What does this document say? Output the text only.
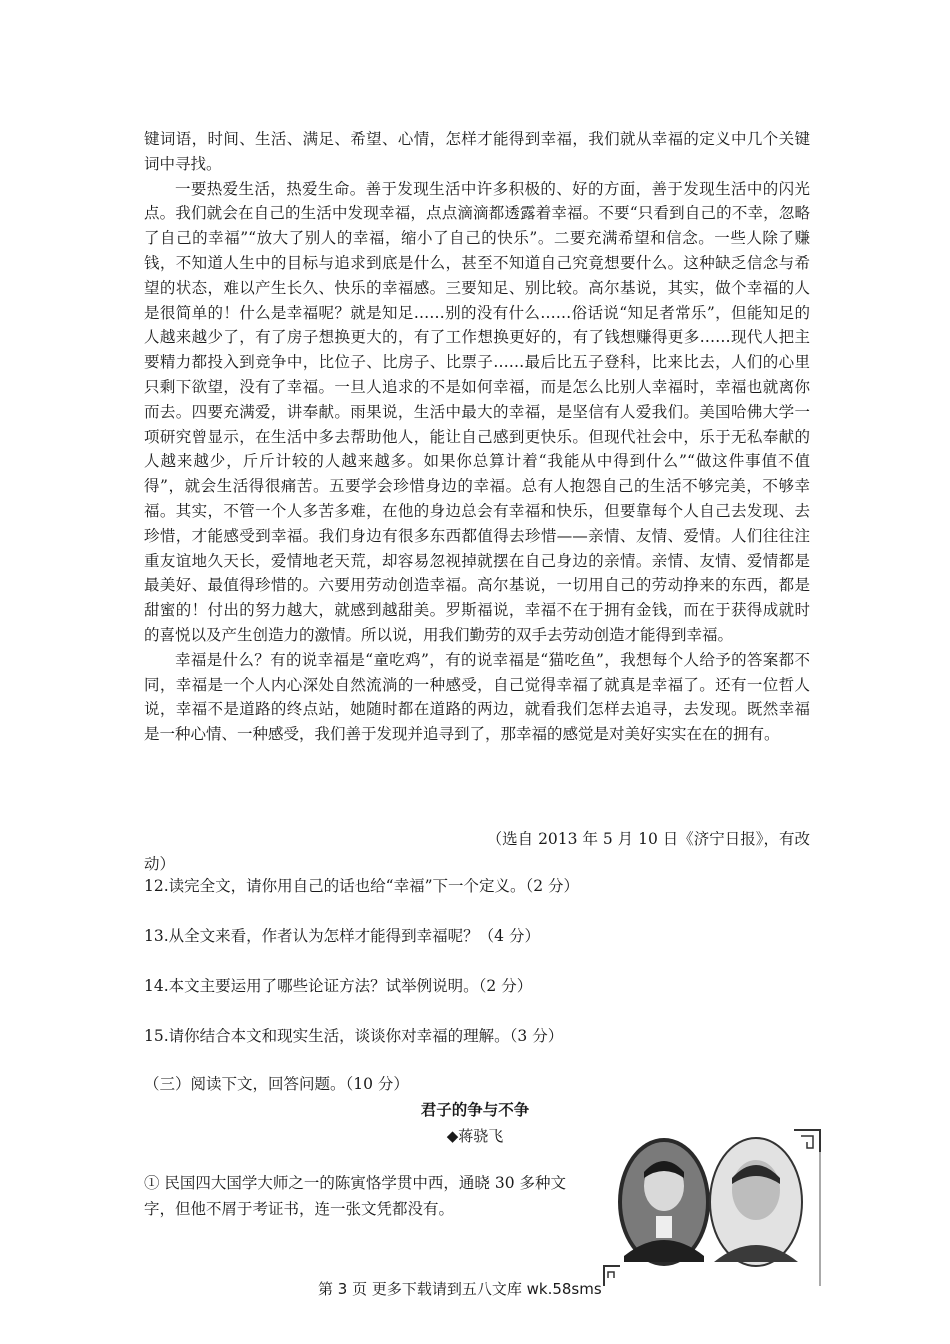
键词语，时间、生活、满足、希望、心情，怎样才能得到幸福，我们就从幸福的定义中几个关键词中寻找。

一要热爱生活，热爱生命。善于发现生活中许多积极的、好的方面，善于发现生活中的闪光点。我们就会在自己的生活中发现幸福，点点滴滴都透露着幸福。不要“只看到自己的不幸，忽略了自己的幸福”“放大了别人的幸福，缩小了自己的快乐”。二要充满希望和信念。一些人除了赚钱，不知道人生中的目标与追求到底是什么，甚至不知道自己究竟想要什么。这种缺乏信念与希望的状态，难以产生长久、快乐的幸福感。三要知足、别比较。高尔基说，其实，做个幸福的人是很简单的！什么是幸福呢？就是知足……别的没有什么……俗话说“知足者常乐”，但能知足的人越来越少了，有了房子想换更大的，有了工作想换更好的，有了钱想赚得更多……现代人把主要精力都投入到竞争中，比位子、比房子、比票子……最后比五子登科，比来比去，人们的心里只剩下欲望，没有了幸福。一旦人追求的不是如何幸福，而是怎么比别人幸福时，幸福也就离你而去。四要充满爱，讲奉献。雨果说，生活中最大的幸福，是坚信有人爱我们。美国哈佛大学一项研究曾显示，在生活中多去帮助他人，能让自己感到更快乐。但现代社会中，乐于无私奉献的人越来越少，斤斤计较的人越来越多。如果你总算计着“我能从中得到什么”“做这件事值不值得”，就会生活得很痛苦。五要学会珍惜身边的幸福。总有人抱怨自己的生活不够完美，不够幸福。其实，不管一个人多苦多难，在他的身边总会有幸福和快乐，但要靠每个人自己去发现、去珍惜，才能感受到幸福。我们身边有很多东西都值得去珍惜——亲情、友情、爱情。人们往往注重友谊地久天长，爱情地老天荒，却容易忽视掉就摆在自己身边的亲情。亲情、友情、爱情都是最美好、最值得珍惜的。六要用劳动创造幸福。高尔基说，一切用自己的劳动挣来的东西，都是甜蜜的！付出的努力越大，就感到越甜美。罗斯福说，幸福不在于拥有金钱，而在于获得成就时的喜悦以及产生创造力的激情。所以说，用我们勤劳的双手去劳动创造才能得到幸福。

幸福是什么？有的说幸福是“童吃鸡”，有的说幸福是“猫吃鱼”，我想每个人给予的答案都不同，幸福是一个人内心深处自然流淌的一种感受，自己觉得幸福了就真是幸福了。还有一位哲人说，幸福不是道路的终点站，她随时都在道路的两边，就看我们怎样去追寻，去发现。既然幸福是一种心情、一种感受，我们善于发现并追寻到了，那幸福的感觉是对美好实实在在的拥有。

（选自 2013 年 5 月 10 日《济宁日报》，有改
动）
12.读完全文，请你用自己的话也给“幸福”下一个定义。（2 分）
13.从全文来看，作者认为怎样才能得到幸福呢？（4 分）
14.本文主要运用了哪些论证方法？试举例说明。（2 分）
15.请你结合本文和现实生活，谈谈你对幸福的理解。（3 分）
（三）阅读下文，回答问题。（10 分）
君子的争与不争
◆蒋骁飞
① 民国四大国学大师之一的陈寅恪学贯中西，通晓 30 多种文字，但他不屑于考证书，连一张文凭都没有。
第 3 页 更多下载请到五八文库 wk.58sms
